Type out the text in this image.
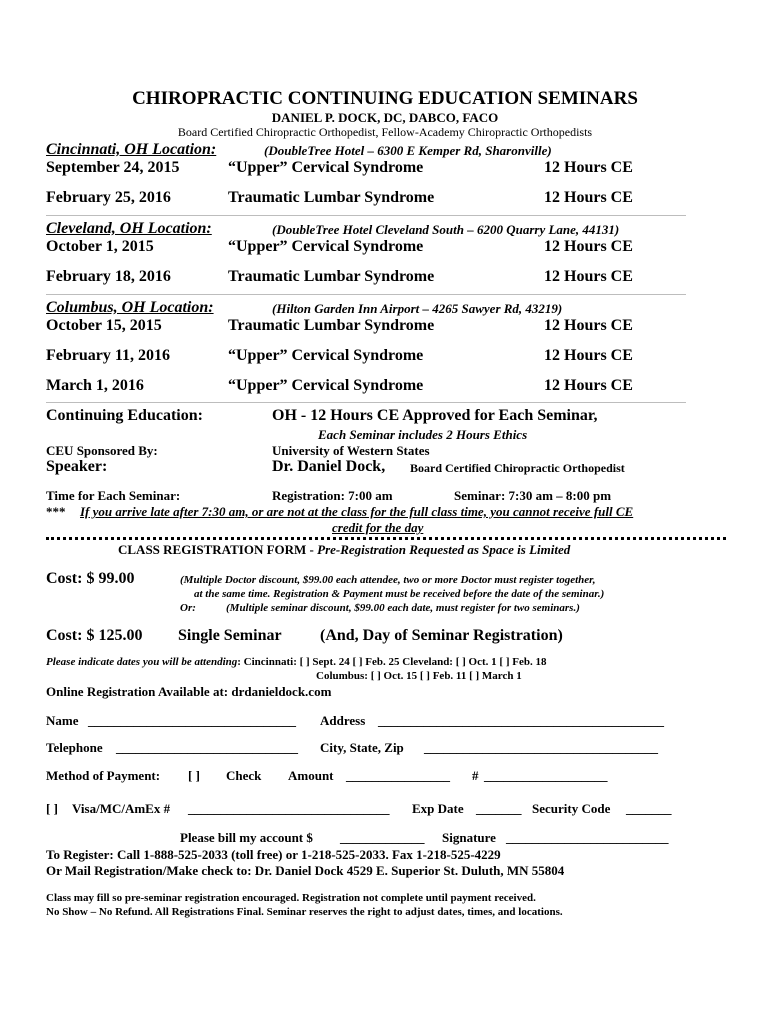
CHIROPRACTIC CONTINUING EDUCATION SEMINARS
DANIEL P. DOCK, DC, DABCO, FACO
Board Certified Chiropractic Orthopedist, Fellow-Academy Chiropractic Orthopedists
Cincinnati, OH Location:	(DoubleTree Hotel – 6300 E Kemper Rd, Sharonville)
September 24, 2015	“Upper” Cervical Syndrome	12 Hours CE
February 25, 2016	Traumatic Lumbar Syndrome	12 Hours CE
Cleveland, OH Location:	(DoubleTree Hotel Cleveland South – 6200 Quarry Lane, 44131)
October 1, 2015	“Upper” Cervical Syndrome	12 Hours CE
February 18, 2016	Traumatic Lumbar Syndrome	12 Hours CE
Columbus, OH Location:	(Hilton Garden Inn Airport – 4265 Sawyer Rd, 43219)
October 15, 2015	Traumatic Lumbar Syndrome	12 Hours CE
February 11, 2016	“Upper” Cervical Syndrome	12 Hours CE
March 1, 2016	“Upper” Cervical Syndrome	12 Hours CE
Continuing Education:	OH - 12 Hours CE Approved for Each Seminar,
Each Seminar includes 2 Hours Ethics
CEU Sponsored By:	University of Western States
Speaker:	Dr. Daniel Dock, Board Certified Chiropractic Orthopedist
Time for Each Seminar:	Registration: 7:00 am	Seminar: 7:30 am – 8:00 pm
*** If you arrive late after 7:30 am, or are not at the class for the full class time, you cannot receive full CE
credit for the day
CLASS REGISTRATION FORM - Pre-Registration Requested as Space is Limited
Cost: $ 99.00	(Multiple Doctor discount, $99.00 each attendee, two or more Doctor must register together,
at the same time. Registration & Payment must be received before the date of the seminar.)
Or:	(Multiple seminar discount, $99.00 each date, must register for two seminars.)
Cost: $ 125.00 Single Seminar (And, Day of Seminar Registration)
Please indicate dates you will be attending: Cincinnati: [ ] Sept. 24 [ ] Feb. 25 Cleveland: [ ] Oct. 1 [ ] Feb. 18
Columbus: [ ] Oct. 15 [ ] Feb. 11 [ ] March 1
Online Registration Available at: drdanieldock.com
Name ________________________________ Address ____________________________________________
Telephone ____________________________ City, State, Zip ____________________________________
Method of Payment: [ ] Check Amount ________________ # ___________________
[ ] Visa/MC/AmEx # _______________________________ Exp Date _______ Security Code _______
Please bill my account $ _____________ Signature _________________________
To Register: Call 1-888-525-2033 (toll free) or 1-218-525-2033. Fax 1-218-525-4229
Or Mail Registration/Make check to: Dr. Daniel Dock 4529 E. Superior St. Duluth, MN 55804
Class may fill so pre-seminar registration encouraged. Registration not complete until payment received.
No Show – No Refund. All Registrations Final. Seminar reserves the right to adjust dates, times, and locations.
